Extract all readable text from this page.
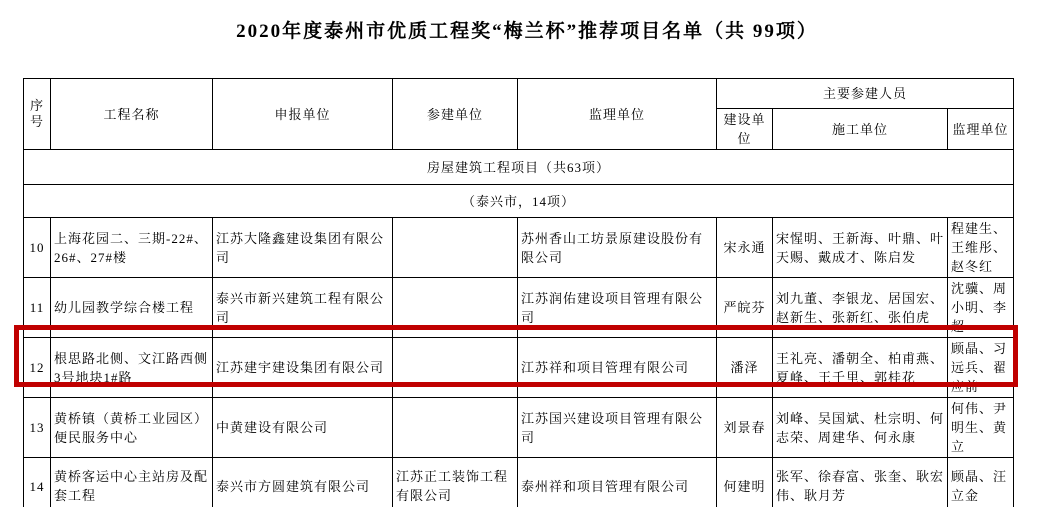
2020年度泰州市优质工程奖“梅兰杯”推荐项目名单（共 99项）
序号	工程名称	申报单位	参建单位	监理单位	主要参建人员		
					建设单位	施工单位	监理单位
房屋建筑工程项目（共63项）							
（泰兴市，14项）							
10	上海花园二、三期-22#、26#、27#楼	江苏大隆鑫建设集团有限公司		苏州香山工坊景原建设股份有限公司	宋永通	宋惺明、王新海、叶鼎、叶天赐、戴成才、陈启发	程建生、王维彤、赵冬红
11	幼儿园教学综合楼工程	泰兴市新兴建筑工程有限公司		江苏润佑建设项目管理有限公司	严皖芬	刘九董、李银龙、居国宏、赵新生、张新红、张伯虎	沈骥、周小明、李超
12	根思路北侧、文江路西侧3号地块1#路	江苏建宇建设集团有限公司		江苏祥和项目管理有限公司	潘泽	王礼亮、潘朝全、柏甫燕、夏峰、王千里、郭桂花	顾晶、习远兵、翟应前
13	黄桥镇（黄桥工业园区）便民服务中心	中黄建设有限公司		江苏国兴建设项目管理有限公司	刘景春	刘峰、吴国斌、杜宗明、何志荣、周建华、何永康	何伟、尹明生、黄立
14	黄桥客运中心主站房及配套工程	泰兴市方圆建筑有限公司	江苏正工装饰工程有限公司	泰州祥和项目管理有限公司	何建明	张军、徐春富、张奎、耿宏伟、耿月芳	顾晶、汪立金
